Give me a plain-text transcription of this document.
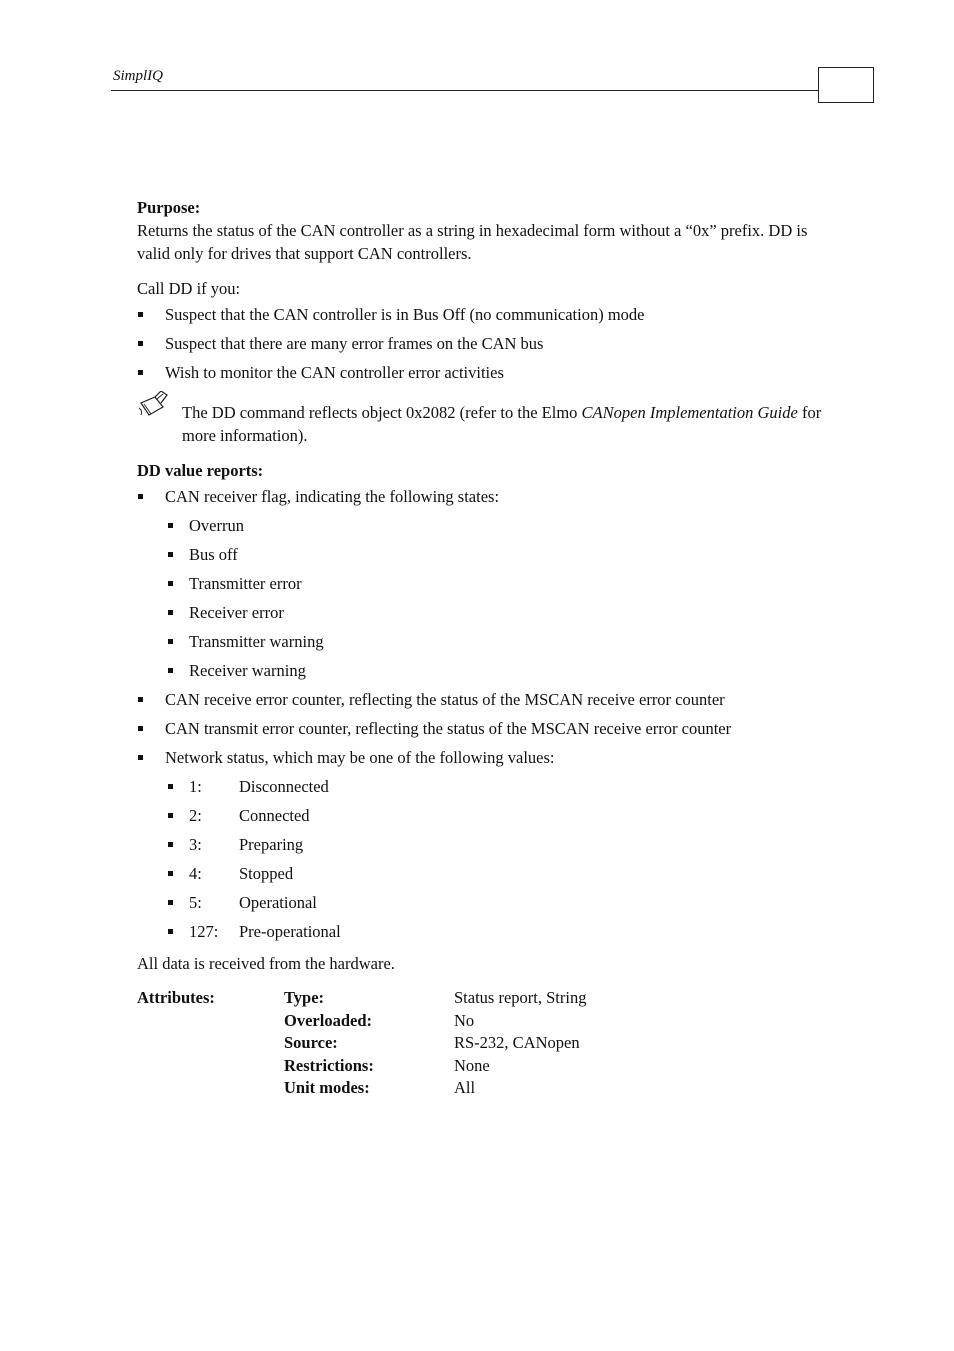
SimplIQ

Purpose:

Returns the status of the CAN controller as a string in hexadecimal form without a “0x” prefix. DD is valid only for drives that support CAN controllers.

Call DD if you:

Suspect that the CAN controller is in Bus Off (no communication) mode
Suspect that there are many error frames on the CAN bus
Wish to monitor the CAN controller error activities
The DD command reflects object 0x2082 (refer to the Elmo CANopen Implementation Guide for more information).

DD value reports:

CAN receiver flag, indicating the following states:
Overrun
Bus off
Transmitter error
Receiver error
Transmitter warning
Receiver warning
CAN receive error counter, reflecting the status of the MSCAN receive error counter
CAN transmit error counter, reflecting the status of the MSCAN receive error counter
Network status, which may be one of the following values:
1: Disconnected
2: Connected
3: Preparing
4: Stopped
5: Operational
127: Pre-operational

All data is received from the hardware.

Attributes:	Type:	Status report, String
Overloaded:	No
Source:	RS-232, CANopen
Restrictions:	None
Unit modes:	All
